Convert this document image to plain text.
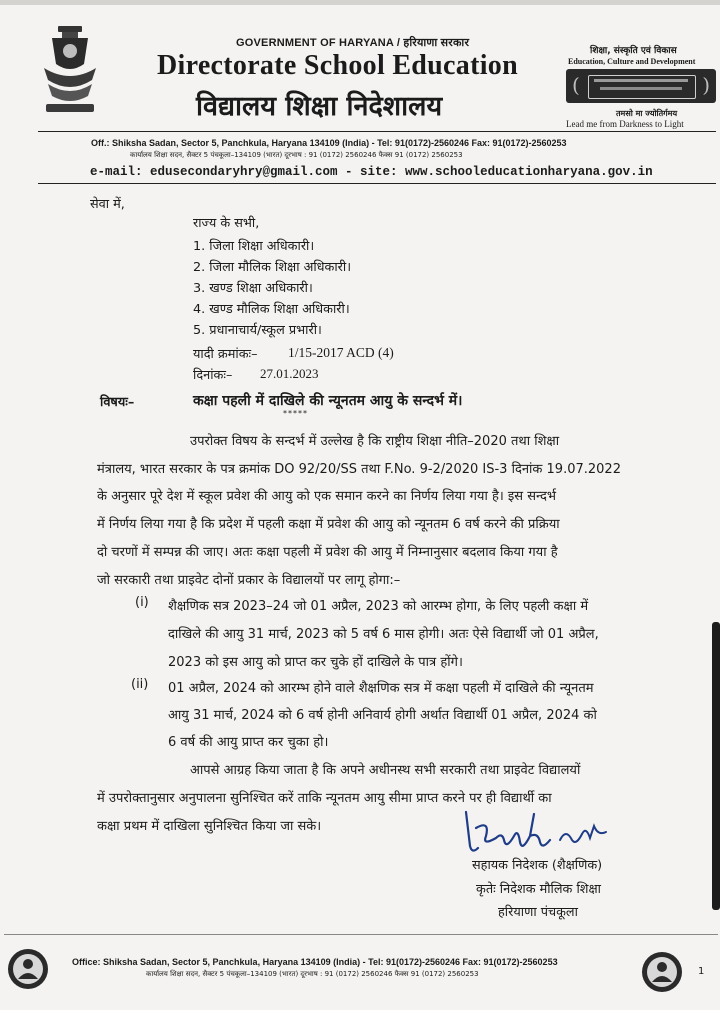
GOVERNMENT OF HARYANA / हरियाणा सरकार
Directorate School Education
विद्यालय शिक्षा निदेशालय
शिक्षा, संस्कृति एवं विकास
Education, Culture and Development
(	)
तमसो मा ज्योतिर्गमय
Lead me from Darkness to Light
Off.: Shiksha Sadan, Sector 5, Panchkula, Haryana 134109 (India) - Tel: 91(0172)-2560246 Fax: 91(0172)-2560253
कार्यालय शिक्षा सदन, सैक्टर 5 पंचकूला–134109 (भारत) दूरभाष : 91 (0172) 2560246 फैक्स 91 (0172) 2560253
e-mail: edusecondaryhry@gmail.com - site: www.schooleducationharyana.gov.in
सेवा में,
राज्य के सभी,
1. जिला शिक्षा अधिकारी।
2. जिला मौलिक शिक्षा अधिकारी।
3. खण्ड शिक्षा अधिकारी।
4. खण्ड मौलिक शिक्षा अधिकारी।
5. प्रधानाचार्य/स्कूल प्रभारी।
यादी क्रमांकः– 1/15-2017 ACD (4)
दिनांकः– 27.01.2023
विषयः–	कक्षा पहली में दाखिले की न्यूनतम आयु के सन्दर्भ में।
*****
उपरोक्त विषय के सन्दर्भ में उल्लेख है कि राष्ट्रीय शिक्षा नीति–2020 तथा शिक्षा
मंत्रालय, भारत सरकार के पत्र क्रमांक DO 92/20/SS तथा F.No. 9-2/2020 IS-3 दिनांक 19.07.2022
के अनुसार पूरे देश में स्कूल प्रवेश की आयु को एक समान करने का निर्णय लिया गया है। इस सन्दर्भ
में निर्णय लिया गया है कि प्रदेश में पहली कक्षा में प्रवेश की आयु को न्यूनतम 6 वर्ष करने की प्रक्रिया
दो चरणों में सम्पन्न की जाए। अतः कक्षा पहली में प्रवेश की आयु में निम्नानुसार बदलाव किया गया है
जो सरकारी तथा प्राइवेट दोनों प्रकार के विद्यालयों पर लागू होगा:–
(i) शैक्षणिक सत्र 2023–24 जो 01 अप्रैल, 2023 को आरम्भ होगा, के लिए पहली कक्षा में
दाखिले की आयु 31 मार्च, 2023 को 5 वर्ष 6 मास होगी। अतः ऐसे विद्यार्थी जो 01 अप्रैल,
2023 को इस आयु को प्राप्त कर चुके हों दाखिले के पात्र होंगे।
(ii) 01 अप्रैल, 2024 को आरम्भ होने वाले शैक्षणिक सत्र में कक्षा पहली में दाखिले की न्यूनतम
आयु 31 मार्च, 2024 को 6 वर्ष होनी अनिवार्य होगी अर्थात विद्यार्थी 01 अप्रैल, 2024 को
6 वर्ष की आयु प्राप्त कर चुका हो।
आपसे आग्रह किया जाता है कि अपने अधीनस्थ सभी सरकारी तथा प्राइवेट विद्यालयों
में उपरोक्तानुसार अनुपालना सुनिश्चित करें ताकि न्यूनतम आयु सीमा प्राप्त करने पर ही विद्यार्थी का
कक्षा प्रथम में दाखिला सुनिश्चित किया जा सके।
सहायक निदेशक (शैक्षणिक)
कृतेः निदेशक मौलिक शिक्षा
हरियाणा पंचकूला
Office: Shiksha Sadan, Sector 5, Panchkula, Haryana 134109 (India) - Tel: 91(0172)-2560246 Fax: 91(0172)-2560253
कार्यालय शिक्षा सदन, सैक्टर 5 पंचकूला–134109 (भारत) दूरभाष : 91 (0172) 2560246 फैक्स 91 (0172) 2560253	1
